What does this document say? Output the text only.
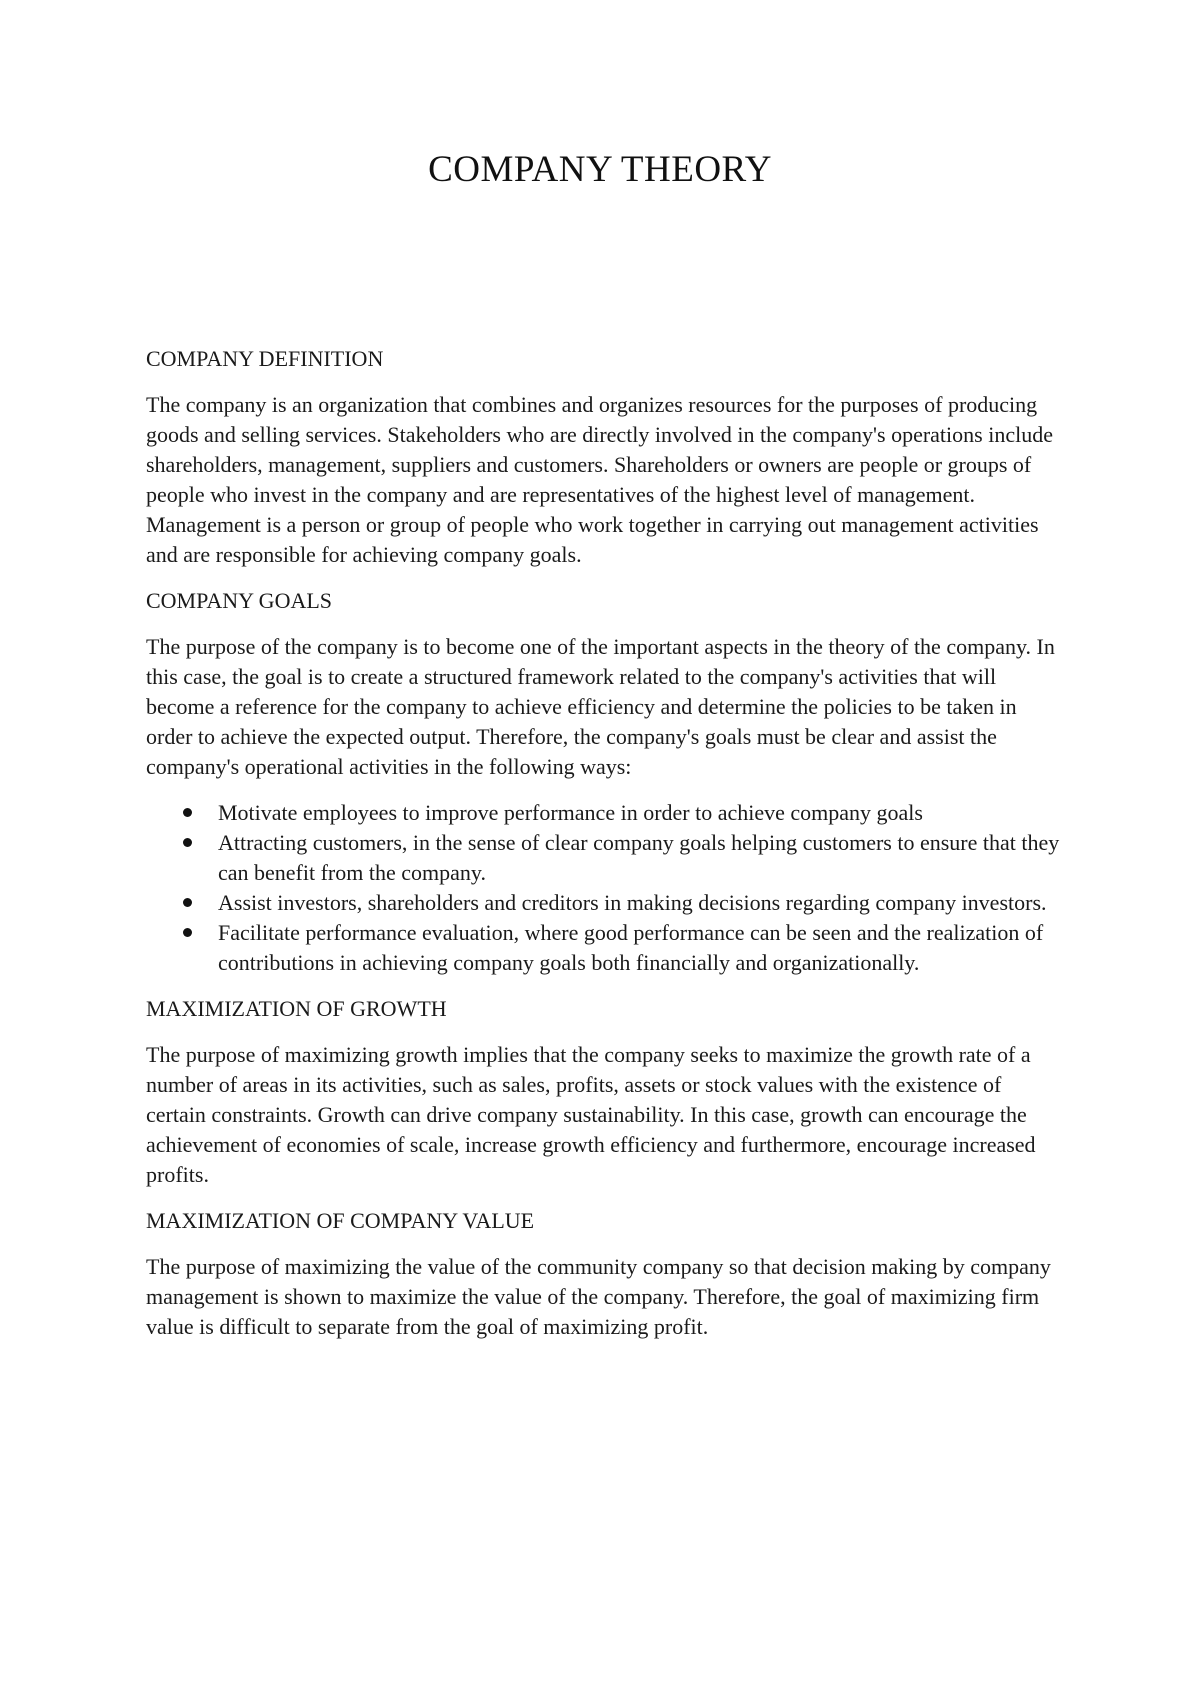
COMPANY THEORY
COMPANY DEFINITION

The company is an organization that combines and organizes resources for the purposes of producing goods and selling services. Stakeholders who are directly involved in the company's operations include shareholders, management, suppliers and customers. Shareholders or owners are people or groups of people who invest in the company and are representatives of the highest level of management. Management is a person or group of people who work together in carrying out management activities and are responsible for achieving company goals.

COMPANY GOALS

The purpose of the company is to become one of the important aspects in the theory of the company. In this case, the goal is to create a structured framework related to the company's activities that will become a reference for the company to achieve efficiency and determine the policies to be taken in order to achieve the expected output. Therefore, the company's goals must be clear and assist the company's operational activities in the following ways:

Motivate employees to improve performance in order to achieve company goals
Attracting customers, in the sense of clear company goals helping customers to ensure that they can benefit from the company.
Assist investors, shareholders and creditors in making decisions regarding company investors.
Facilitate performance evaluation, where good performance can be seen and the realization of contributions in achieving company goals both financially and organizationally.
MAXIMIZATION OF GROWTH

The purpose of maximizing growth implies that the company seeks to maximize the growth rate of a number of areas in its activities, such as sales, profits, assets or stock values with the existence of certain constraints. Growth can drive company sustainability. In this case, growth can encourage the achievement of economies of scale, increase growth efficiency and furthermore, encourage increased profits.

MAXIMIZATION OF COMPANY VALUE

The purpose of maximizing the value of the community company so that decision making by company management is shown to maximize the value of the company. Therefore, the goal of maximizing firm value is difficult to separate from the goal of maximizing profit.
